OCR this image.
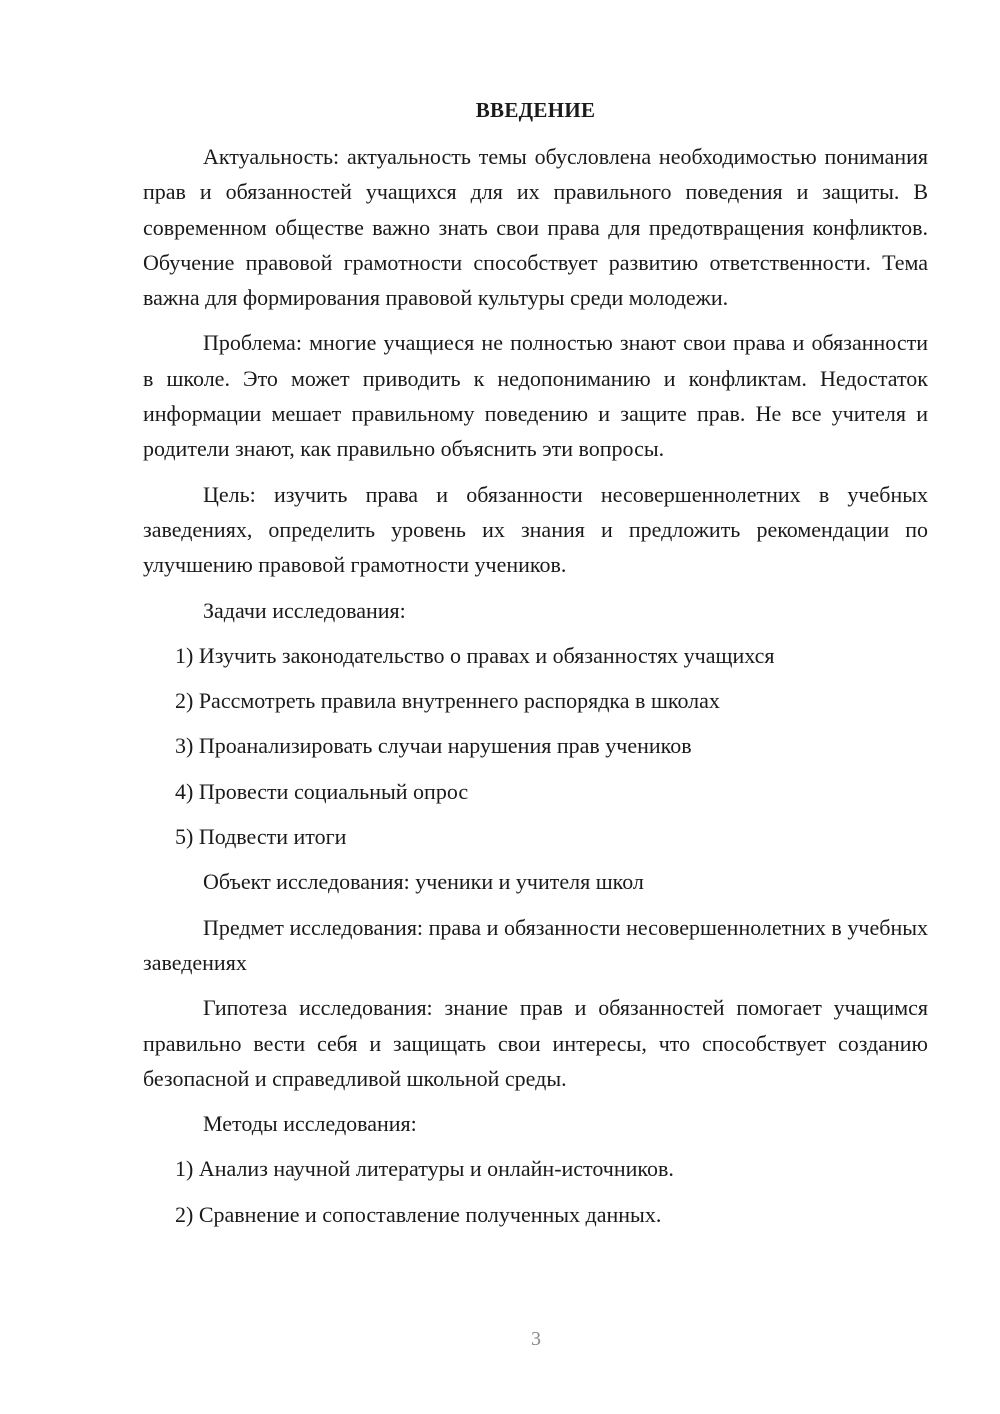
ВВЕДЕНИЕ

Актуальность: актуальность темы обусловлена необходимостью понимания прав и обязанностей учащихся для их правильного поведения и защиты. В современном обществе важно знать свои права для предотвращения конфликтов. Обучение правовой грамотности способствует развитию ответственности. Тема важна для формирования правовой культуры среди молодежи.

Проблема: многие учащиеся не полностью знают свои права и обязанности в школе. Это может приводить к недопониманию и конфликтам. Недостаток информации мешает правильному поведению и защите прав. Не все учителя и родители знают, как правильно объяснить эти вопросы.

Цель: изучить права и обязанности несовершеннолетних в учебных заведениях, определить уровень их знания и предложить рекомендации по улучшению правовой грамотности учеников.

Задачи исследования:

1) Изучить законодательство о правах и обязанностях учащихся
2) Рассмотреть правила внутреннего распорядка в школах
3) Проанализировать случаи нарушения прав учеников
4) Провести социальный опрос
5) Подвести итоги

Объект исследования: ученики и учителя школ

Предмет исследования: права и обязанности несовершеннолетних в учебных заведениях

Гипотеза исследования: знание прав и обязанностей помогает учащимся правильно вести себя и защищать свои интересы, что способствует созданию безопасной и справедливой школьной среды.

Методы исследования:

1) Анализ научной литературы и онлайн-источников.
2) Сравнение и сопоставление полученных данных.
3
